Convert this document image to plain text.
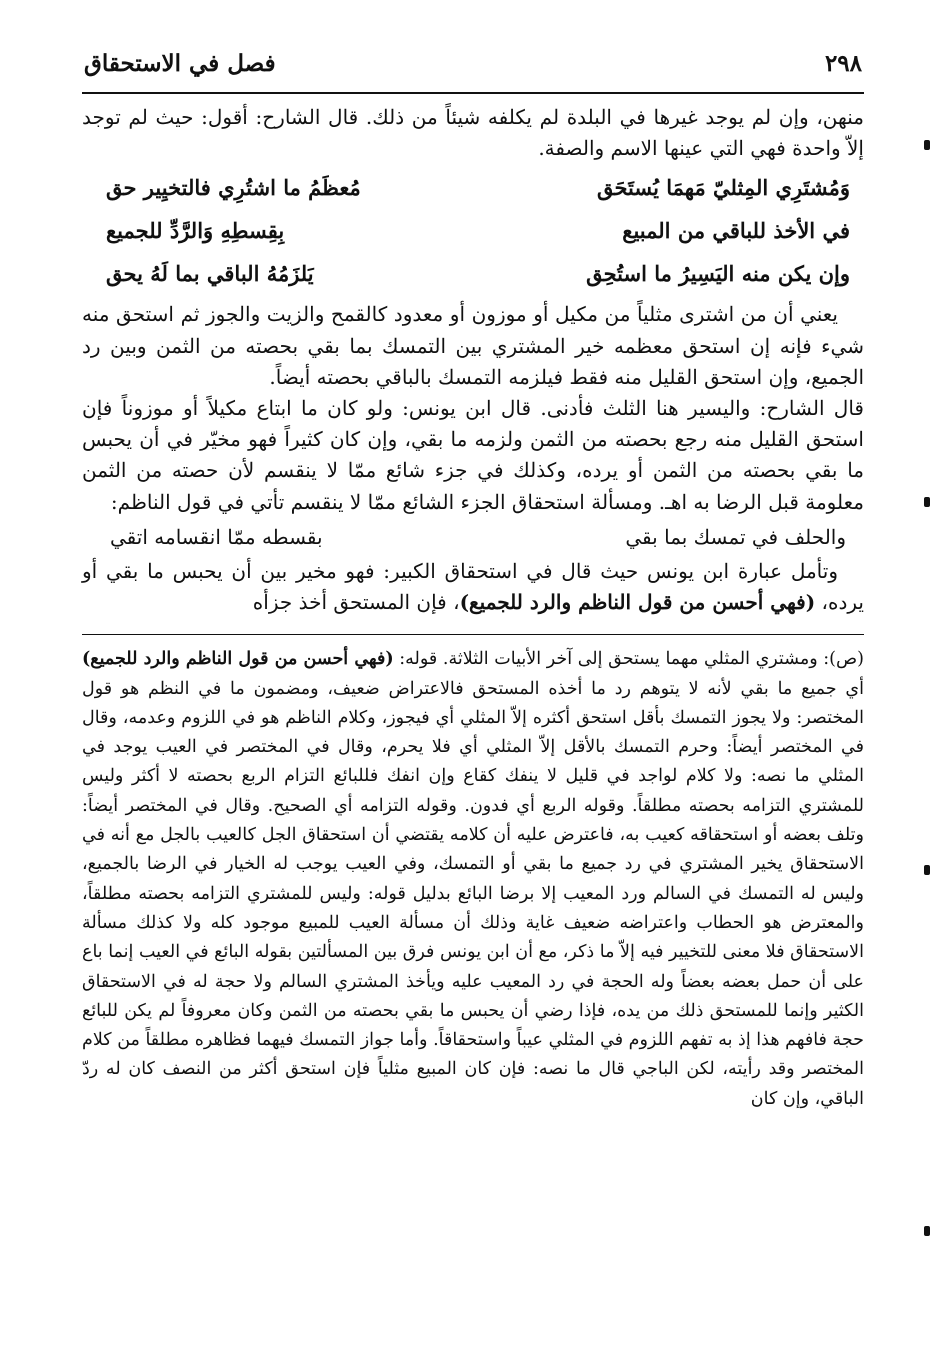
٢٩٨
فصل في الاستحقاق

منهن، وإن لم يوجد غيرها في البلدة لم يكلفه شيئاً من ذلك. قال الشارح: أقول: حيث لم توجد إلاّ واحدة فهي التي عينها الاسم والصفة.

وَمُشتَرِي المِثليّ مَهمَا يُستَحَق
مُعظَمُ ما اشتُرِي فالتخيِير حق
في الأخذ للباقي من المبيع
بِقِسطِهِ وَالرَّدِّ للجميع
وإن يكن منه اليَسِيرُ ما استُحِق
يَلزَمُهُ الباقي بما لَهُ يحق

يعني أن من اشترى مثلياً من مكيل أو موزون أو معدود كالقمح والزيت والجوز ثم استحق منه شيء فإنه إن استحق معظمه خير المشتري بين التمسك بما بقي بحصته من الثمن وبين رد الجميع، وإن استحق القليل منه فقط فيلزمه التمسك بالباقي بحصته أيضاً.

قال الشارح: واليسير هنا الثلث فأدنى. قال ابن يونس: ولو كان ما ابتاع مكيلاً أو موزوناً فإن استحق القليل منه رجع بحصته من الثمن ولزمه ما بقي، وإن كان كثيراً فهو مخيّر في أن يحبس ما بقي بحصته من الثمن أو يرده، وكذلك في جزء شائع ممّا لا ينقسم لأن حصته من الثمن معلومة قبل الرضا به اهـ. ومسألة استحقاق الجزء الشائع ممّا لا ينقسم تأتي في قول الناظم:

والحلف في تمسك بما بقي
بقسطه ممّا انقسامه اتقي

وتأمل عبارة ابن يونس حيث قال في استحقاق الكبير: فهو مخير بين أن يحبس ما بقي أو يرده، (فهي أحسن من قول الناظم والرد للجميع)، فإن المستحق أخذ جزأه

(ص): ومشتري المثلي مهما يستحق إلى آخر الأبيات الثلاثة. قوله: (فهي أحسن من قول الناظم والرد للجميع) أي جميع ما بقي لأنه لا يتوهم رد ما أخذه المستحق فالاعتراض ضعيف، ومضمون ما في النظم هو قول المختصر: ولا يجوز التمسك بأقل استحق أكثره إلاّ المثلي أي فيجوز، وكلام الناظم هو في اللزوم وعدمه، وقال في المختصر أيضاً: وحرم التمسك بالأقل إلاّ المثلي أي فلا يحرم، وقال في المختصر في العيب يوجد في المثلي ما نصه: ولا كلام لواجد في قليل لا ينفك كقاع وإن انفك فللبائع التزام الربع بحصته لا أكثر وليس للمشتري التزامه بحصته مطلقاً. وقوله الربع أي فدون. وقوله التزامه أي الصحيح. وقال في المختصر أيضاً: وتلف بعضه أو استحقاقه كعيب به، فاعترض عليه أن كلامه يقتضي أن استحقاق الجل كالعيب بالجل مع أنه في الاستحقاق يخير المشتري في رد جميع ما بقي أو التمسك، وفي العيب يوجب له الخيار في الرضا بالجميع، وليس له التمسك في السالم ورد المعيب إلا برضا البائع بدليل قوله: وليس للمشتري التزامه بحصته مطلقاً، والمعترض هو الحطاب واعتراضه ضعيف غاية وذلك أن مسألة العيب للمبيع موجود كله ولا كذلك مسألة الاستحقاق فلا معنى للتخيير فيه إلاّ ما ذكر، مع أن ابن يونس فرق بين المسألتين بقوله البائع في العيب إنما باع على أن حمل بعضه بعضاً وله الحجة في رد المعيب عليه ويأخذ المشتري السالم ولا حجة له في الاستحقاق الكثير وإنما للمستحق ذلك من يده، فإذا رضي أن يحبس ما بقي بحصته من الثمن وكان معروفاً لم يكن للبائع حجة فافهم هذا إذ به تفهم اللزوم في المثلي عيباً واستحقاقاً. وأما جواز التمسك فيهما فظاهره مطلقاً من كلام المختصر وقد رأيته، لكن الباجي قال ما نصه: فإن كان المبيع مثلياً فإن استحق أكثر من النصف كان له ردّ الباقي، وإن كان
